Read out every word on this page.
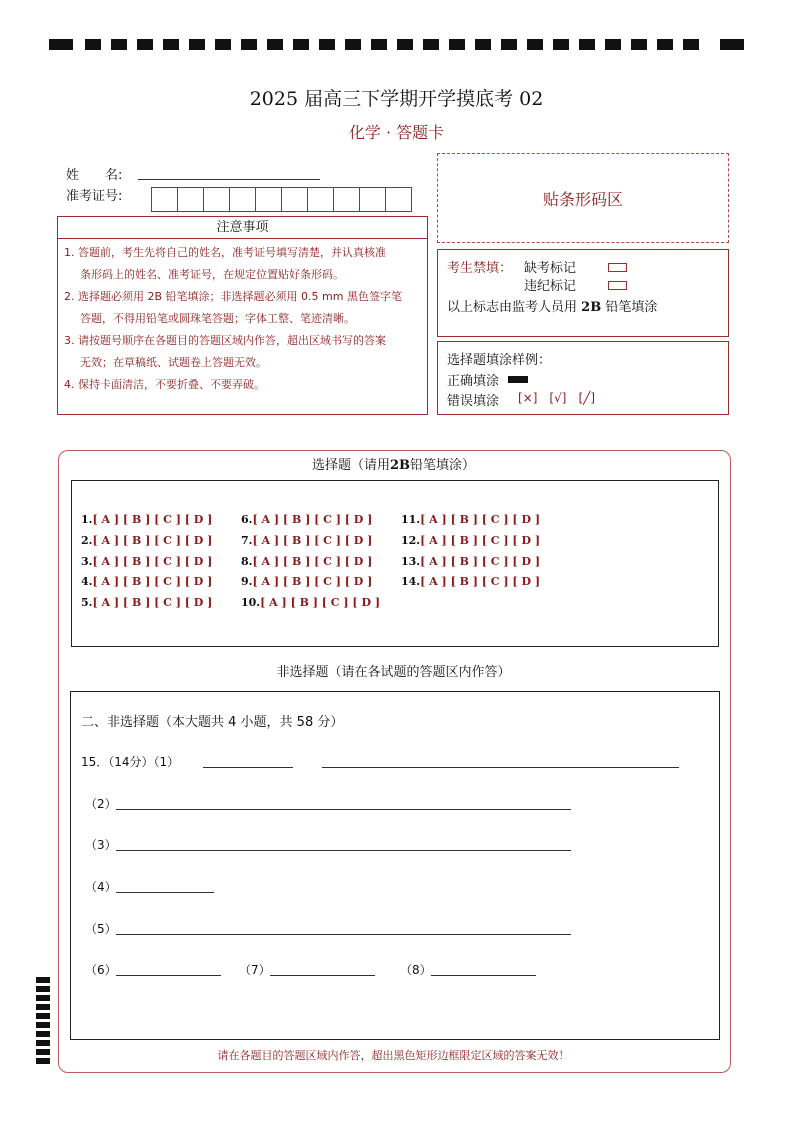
2025 届高三下学期开学摸底考 02
化学 · 答题卡
姓　　名:
准考证号:	贴条形码区
注意事项
1. 答题前，考生先将自己的姓名，准考证号填写清楚，并认真核准
条形码上的姓名、准考证号，在规定位置贴好条形码。
2. 选择题必须用 2B 铅笔填涂；非选择题必须用 0.5 mm 黑色签字笔
答题，不得用铅笔或圆珠笔答题；字体工整、笔迹清晰。
3. 请按题号顺序在各题目的答题区域内作答，超出区域书写的答案
无效；在草稿纸、试题卷上答题无效。
4. 保持卡面清洁，不要折叠、不要弄破。
考生禁填： 缺考标记
违纪标记
以上标志由监考人员用 2B 铅笔填涂
选择题填涂样例：
正确填涂
错误填涂 [×] [√] [╱]
选择题（请用2B铅笔填涂）
1.[ A ] [ B ] [ C ] [ D ]
2.[ A ] [ B ] [ C ] [ D ]
3.[ A ] [ B ] [ C ] [ D ]
4.[ A ] [ B ] [ C ] [ D ]
5.[ A ] [ B ] [ C ] [ D ]
6.[ A ] [ B ] [ C ] [ D ]
7.[ A ] [ B ] [ C ] [ D ]
8.[ A ] [ B ] [ C ] [ D ]
9.[ A ] [ B ] [ C ] [ D ]
10.[ A ] [ B ] [ C ] [ D ]
11.[ A ] [ B ] [ C ] [ D ]
12.[ A ] [ B ] [ C ] [ D ]
13.[ A ] [ B ] [ C ] [ D ]
14.[ A ] [ B ] [ C ] [ D ]
非选择题（请在各试题的答题区内作答）
二、非选择题（本大题共 4 小题，共 58 分）
15．（14分）（1）
（2）
（3）
（4）
（5）
（6）	（7）	（8）
请在各题目的答题区域内作答，超出黑色矩形边框限定区域的答案无效！
